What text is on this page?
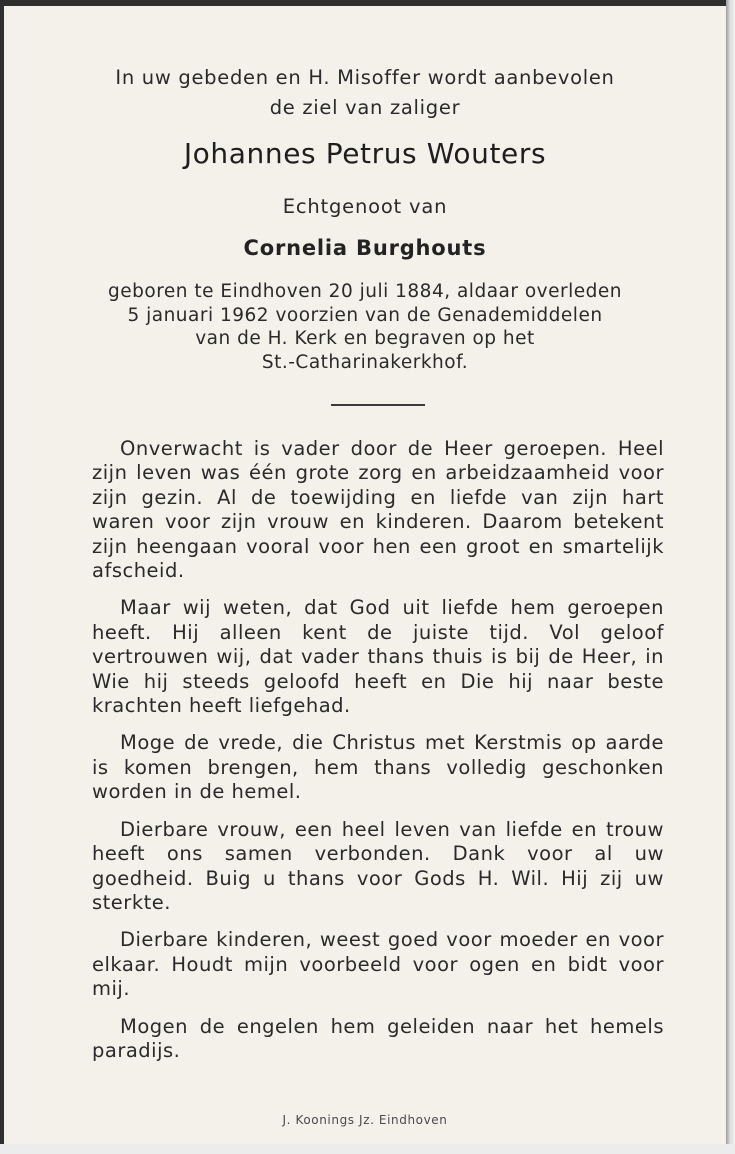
In uw gebeden en H. Misoffer wordt aanbevolen
de ziel van zaliger
Johannes Petrus Wouters
Echtgenoot van
Cornelia Burghouts
geboren te Eindhoven 20 juli 1884, aldaar overleden
5 januari 1962 voorzien van de Genademiddelen
van de H. Kerk en begraven op het
St.-Catharinakerkhof.

Onverwacht is vader door de Heer geroepen. Heel zijn leven was één grote zorg en arbeidzaamheid voor zijn gezin. Al de toewijding en liefde van zijn hart waren voor zijn vrouw en kinderen. Daarom betekent zijn heengaan vooral voor hen een groot en smartelijk afscheid.

Maar wij weten, dat God uit liefde hem geroepen heeft. Hij alleen kent de juiste tijd. Vol geloof vertrouwen wij, dat vader thans thuis is bij de Heer, in Wie hij steeds geloofd heeft en Die hij naar beste krachten heeft liefgehad.

Moge de vrede, die Christus met Kerstmis op aarde is komen brengen, hem thans volledig geschonken worden in de hemel.

Dierbare vrouw, een heel leven van liefde en trouw heeft ons samen verbonden. Dank voor al uw goedheid. Buig u thans voor Gods H. Wil. Hij zij uw sterkte.

Dierbare kinderen, weest goed voor moeder en voor elkaar. Houdt mijn voorbeeld voor ogen en bidt voor mij.

Mogen de engelen hem geleiden naar het hemels paradijs.

J. Koonings Jz. Eindhoven
